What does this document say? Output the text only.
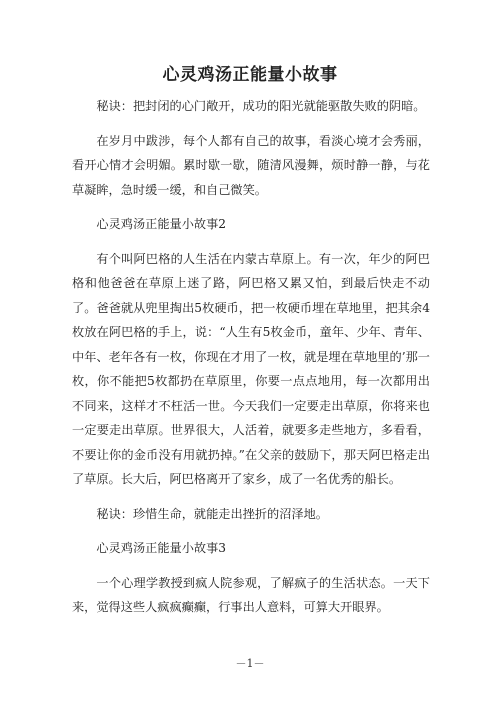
心灵鸡汤正能量小故事

秘诀：把封闭的心门敞开，成功的阳光就能驱散失败的阴暗。

在岁月中跋涉，每个人都有自己的故事，看淡心境才会秀丽，看开心情才会明媚。累时歇一歇，随清风漫舞，烦时静一静，与花草凝眸，急时缓一缓，和自己微笑。

心灵鸡汤正能量小故事2

有个叫阿巴格的人生活在内蒙古草原上。有一次，年少的阿巴格和他爸爸在草原上迷了路，阿巴格又累又怕，到最后快走不动了。爸爸就从兜里掏出5枚硬币，把一枚硬币埋在草地里，把其余4枚放在阿巴格的手上，说：“人生有5枚金币，童年、少年、青年、中年、老年各有一枚，你现在才用了一枚，就是埋在草地里的’那一枚，你不能把5枚都扔在草原里，你要一点点地用，每一次都用出不同来，这样才不枉活一世。今天我们一定要走出草原，你将来也一定要走出草原。世界很大，人活着，就要多走些地方，多看看，不要让你的金币没有用就扔掉。”在父亲的鼓励下，那天阿巴格走出了草原。长大后，阿巴格离开了家乡，成了一名优秀的船长。

秘诀：珍惜生命，就能走出挫折的沼泽地。

心灵鸡汤正能量小故事3

一个心理学教授到疯人院参观，了解疯子的生活状态。一天下来，觉得这些人疯疯癫癫，行事出人意料，可算大开眼界。

－1－
